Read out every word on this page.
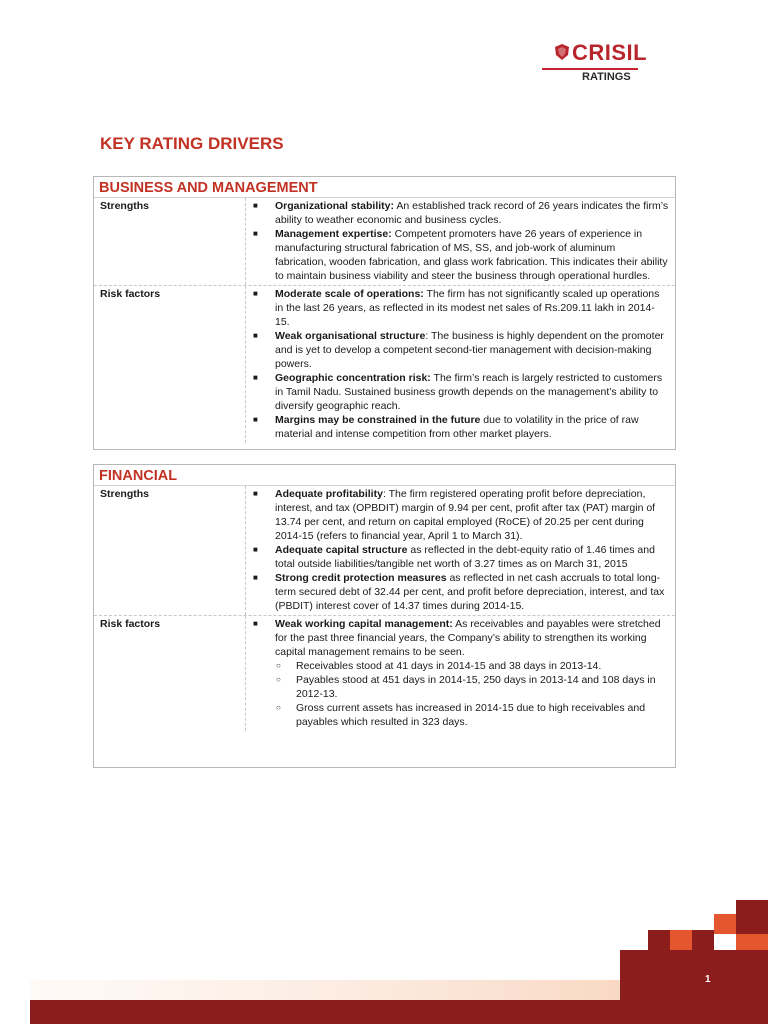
CRISIL
RATINGS
KEY RATING DRIVERS
BUSINESS AND MANAGEMENT
Strengths	■	Organizational stability: An established track record of 26 years indicates the firm’s ability to weather economic and business cycles.
■	Management expertise: Competent promoters have 26 years of experience in manufacturing structural fabrication of MS, SS, and job-work of aluminum fabrication, wooden fabrication, and glass work fabrication. This indicates their ability to maintain business viability and steer the business through operational hurdles.
Risk factors	■	Moderate scale of operations: The firm has not significantly scaled up operations in the last 26 years, as reflected in its modest net sales of Rs.209.11 lakh in 2014-15.
■	Weak organisational structure: The business is highly dependent on the promoter and is yet to develop a competent second-tier management with decision-making powers.
■	Geographic concentration risk: The firm’s reach is largely restricted to customers in Tamil Nadu. Sustained business growth depends on the management’s ability to diversify geographic reach.
■	Margins may be constrained in the future due to volatility in the price of raw material and intense competition from other market players.
FINANCIAL
Strengths	■	Adequate profitability: The firm registered operating profit before depreciation, interest, and tax (OPBDIT) margin of 9.94 per cent, profit after tax (PAT) margin of 13.74 per cent, and return on capital employed (RoCE) of 20.25 per cent during 2014-15 (refers to financial year, April 1 to March 31).
■	Adequate capital structure as reflected in the debt-equity ratio of 1.46 times and total outside liabilities/tangible net worth of 3.27 times as on March 31, 2015
■	Strong credit protection measures as reflected in net cash accruals to total long-term secured debt of 32.44 per cent, and profit before depreciation, interest, and tax (PBDIT) interest cover of 14.37 times during 2014-15.
Risk factors	■	Weak working capital management: As receivables and payables were stretched for the past three financial years, the Company’s ability to strengthen its working capital management remains to be seen.
○	Receivables stood at 41 days in 2014-15 and 38 days in 2013-14.
○	Payables stood at 451 days in 2014-15, 250 days in 2013-14 and 108 days in 2012-13.
○	Gross current assets has increased in 2014-15 due to high receivables and payables which resulted in 323 days.
1
